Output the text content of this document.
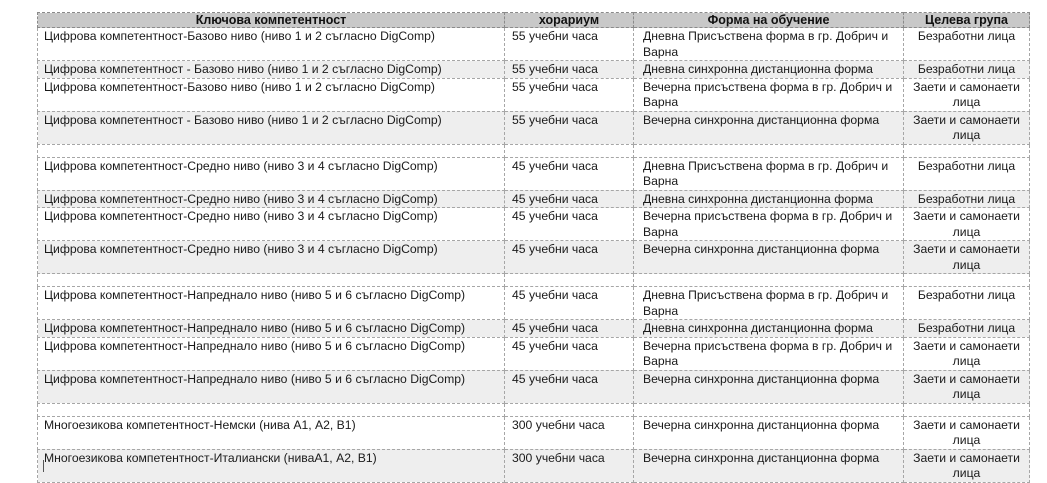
Ключова компетентност	хорариум	Форма на обучение	Целева група
Цифрова компетентност-Базово ниво (ниво 1 и 2 съгласно DigComp)	55 учебни часа	Дневна Присъствена форма в гр. Добрич и Варна	Безработни лица
Цифрова компетентност - Базово ниво (ниво 1 и 2 съгласно DigComp)	55 учебни часа	Дневна синхронна дистанционна форма	Безработни лица
Цифрова компетентност-Базово ниво (ниво 1 и 2 съгласно DigComp)	55 учебни часа	Вечерна присъствена форма в гр. Добрич и Варна	Заети и самонаети лица
Цифрова компетентност - Базово ниво (ниво 1 и 2 съгласно DigComp)	55 учебни часа	Вечерна синхронна дистанционна форма	Заети и самонаети лица

Цифрова компетентност-Средно ниво (ниво 3 и 4 съгласно DigComp)	45 учебни часа	Дневна Присъствена форма в гр. Добрич и Варна	Безработни лица
Цифрова компетентност-Средно ниво (ниво 3 и 4 съгласно DigComp)	45 учебни часа	Дневна синхронна дистанционна форма	Безработни лица
Цифрова компетентност-Средно ниво (ниво 3 и 4 съгласно DigComp)	45 учебни часа	Вечерна присъствена форма в гр. Добрич и Варна	Заети и самонаети лица
Цифрова компетентност-Средно ниво (ниво 3 и 4 съгласно DigComp)	45 учебни часа	Вечерна синхронна дистанционна форма	Заети и самонаети лица

Цифрова компетентност-Напреднало ниво (ниво 5 и 6 съгласно DigComp)	45 учебни часа	Дневна Присъствена форма в гр. Добрич и Варна	Безработни лица
Цифрова компетентност-Напреднало ниво (ниво 5 и 6 съгласно DigComp)	45 учебни часа	Дневна синхронна дистанционна форма	Безработни лица
Цифрова компетентност-Напреднало ниво (ниво 5 и 6 съгласно DigComp)	45 учебни часа	Вечерна присъствена форма в гр. Добрич и Варна	Заети и самонаети лица
Цифрова компетентност-Напреднало ниво (ниво 5 и 6 съгласно DigComp)	45 учебни часа	Вечерна синхронна дистанционна форма	Заети и самонаети лица

Многоезикова компетентност-Немски (нива А1, А2, В1)	300 учебни часа	Вечерна синхронна дистанционна форма	Заети и самонаети лица
Многоезикова компетентност-Италиански (ниваА1, А2, В1)	300 учебни часа	Вечерна синхронна дистанционна форма	Заети и самонаети лица
